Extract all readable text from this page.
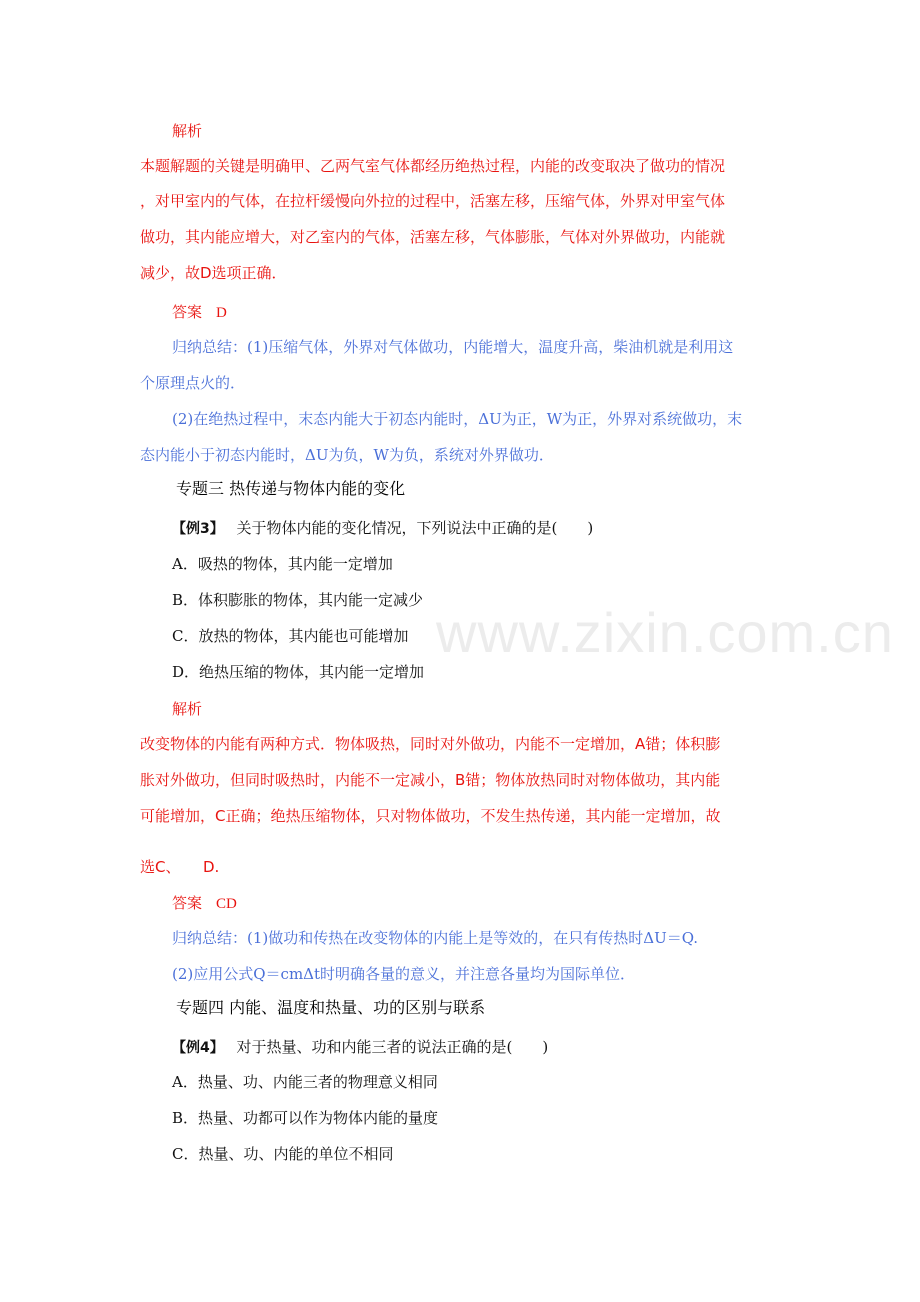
www.zixin.com.cn
解析
本题解题的关键是明确甲、乙两气室气体都经历绝热过程，内能的改变取决了做功的情况
，对甲室内的气体，在拉杆缓慢向外拉的过程中，活塞左移，压缩气体，外界对甲室气体
做功，其内能应增大，对乙室内的气体，活塞左移，气体膨胀，气体对外界做功，内能就
减少，故D选项正确．
答案 D
归纳总结：(1)压缩气体，外界对气体做功，内能增大，温度升高，柴油机就是利用这
个原理点火的．
(2)在绝热过程中，末态内能大于初态内能时，ΔU为正，W为正，外界对系统做功，末
态内能小于初态内能时，ΔU为负，W为负，系统对外界做功．
专题三 热传递与物体内能的变化
【例3】 关于物体内能的变化情况，下列说法中正确的是(　　)
A．吸热的物体，其内能一定增加
B．体积膨胀的物体，其内能一定减少
C．放热的物体，其内能也可能增加
D．绝热压缩的物体，其内能一定增加
解析
改变物体的内能有两种方式．物体吸热，同时对外做功，内能不一定增加，A错；体积膨
胀对外做功，但同时吸热时，内能不一定减小，B错；物体放热同时对物体做功，其内能
可能增加，C正确；绝热压缩物体，只对物体做功，不发生热传递，其内能一定增加，故
选C、　　D.
答案 CD
归纳总结：(1)做功和传热在改变物体的内能上是等效的，在只有传热时ΔU＝Q.
(2)应用公式Q＝cmΔt时明确各量的意义，并注意各量均为国际单位．
专题四 内能、温度和热量、功的区别与联系
【例4】 对于热量、功和内能三者的说法正确的是(　　)
A．热量、功、内能三者的物理意义相同
B．热量、功都可以作为物体内能的量度
C．热量、功、内能的单位不相同
